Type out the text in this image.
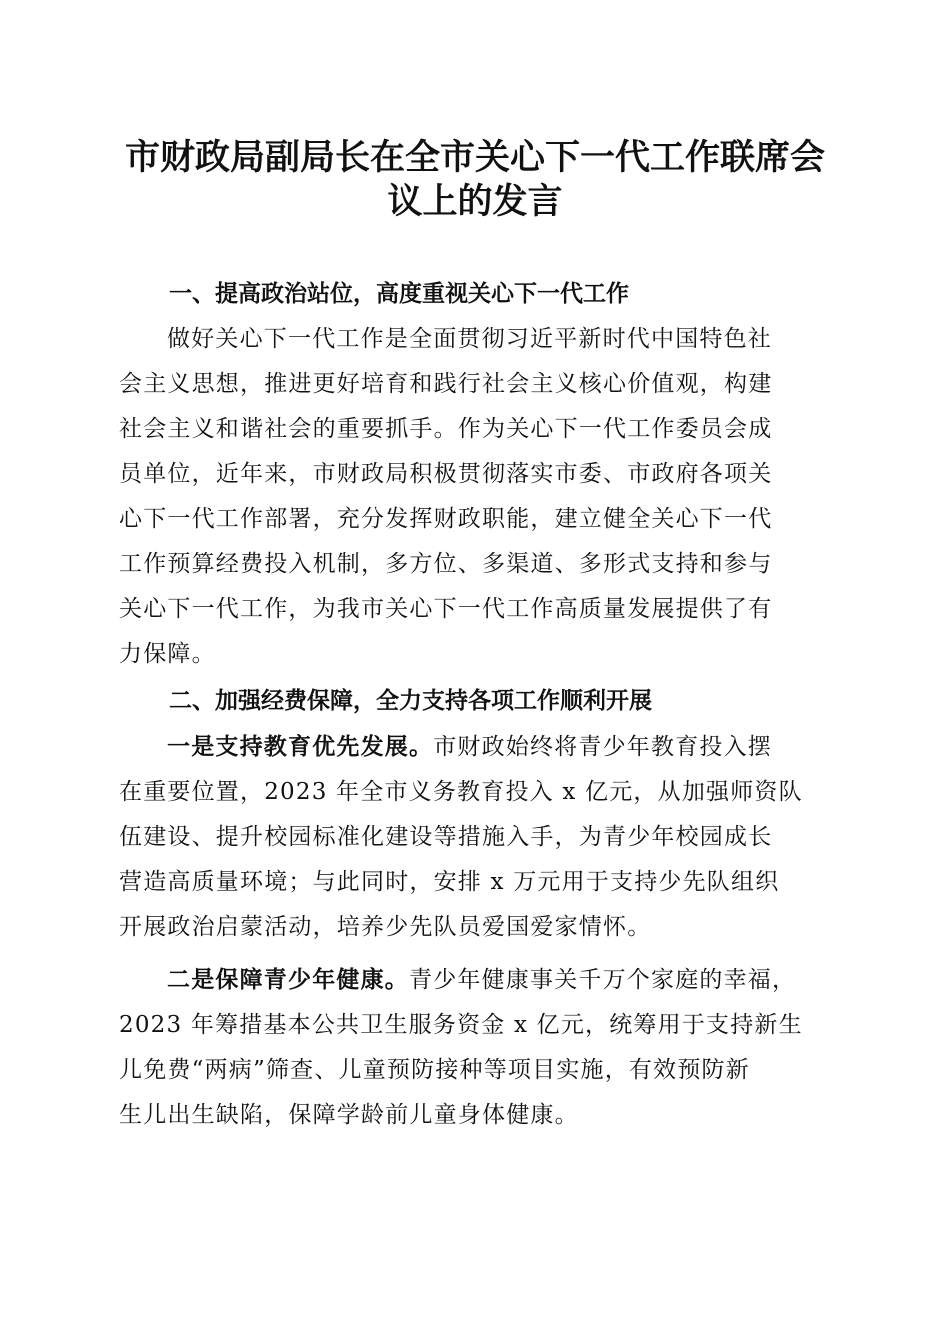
市财政局副局长在全市关心下一代工作联席会
议上的发言

一、提高政治站位，高度重视关心下一代工作

做好关心下一代工作是全面贯彻习近平新时代中国特色社
会主义思想，推进更好培育和践行社会主义核心价值观，构建
社会主义和谐社会的重要抓手。作为关心下一代工作委员会成
员单位，近年来，市财政局积极贯彻落实市委、市政府各项关
心下一代工作部署，充分发挥财政职能，建立健全关心下一代
工作预算经费投入机制，多方位、多渠道、多形式支持和参与
关心下一代工作，为我市关心下一代工作高质量发展提供了有
力保障。

二、加强经费保障，全力支持各项工作顺利开展

一是支持教育优先发展。市财政始终将青少年教育投入摆
在重要位置，2023 年全市义务教育投入 x 亿元，从加强师资队
伍建设、提升校园标准化建设等措施入手，为青少年校园成长
营造高质量环境；与此同时，安排 x 万元用于支持少先队组织
开展政治启蒙活动，培养少先队员爱国爱家情怀。
二是保障青少年健康。青少年健康事关千万个家庭的幸福，
2023 年筹措基本公共卫生服务资金 x 亿元，统筹用于支持新生
儿免费“两病”筛查、儿童预防接种等项目实施，有效预防新
生儿出生缺陷，保障学龄前儿童身体健康。
